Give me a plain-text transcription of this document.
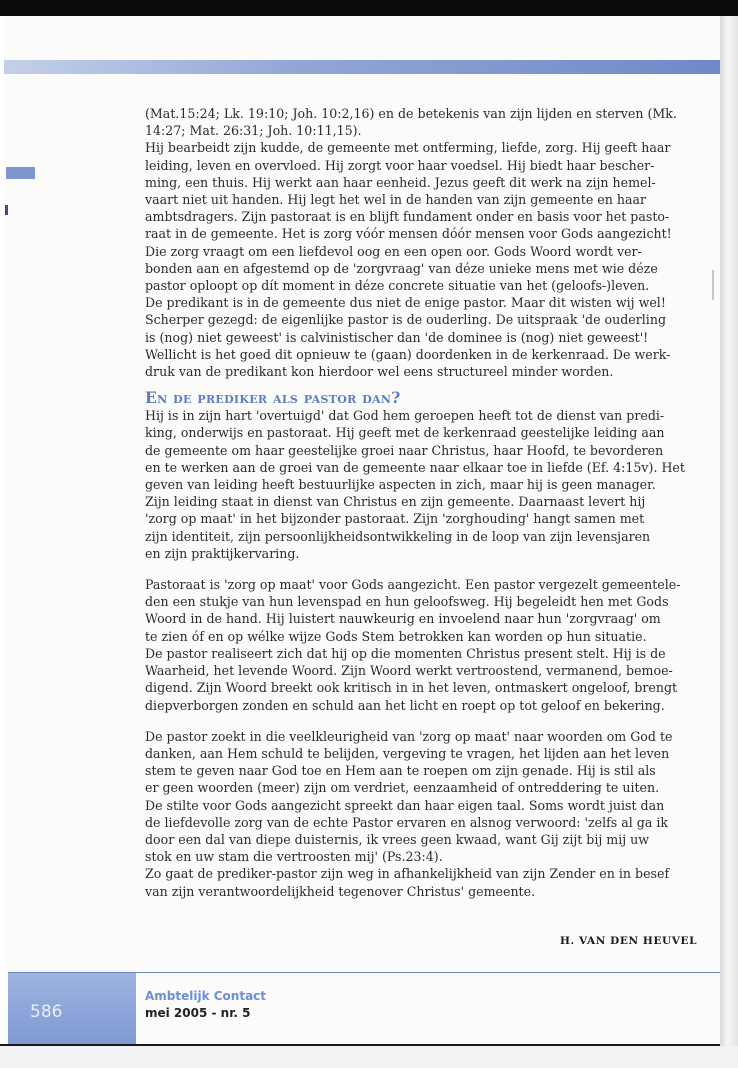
(Mat.15:24; Lk. 19:10; Joh. 10:2,16) en de betekenis van zijn lijden en sterven (Mk.

14:27; Mat. 26:31; Joh. 10:11,15).

Hij bearbeidt zijn kudde, de gemeente met ontferming, liefde, zorg. Hij geeft haar

leiding, leven en overvloed. Hij zorgt voor haar voedsel. Hij biedt haar bescher-

ming, een thuis. Hij werkt aan haar eenheid. Jezus geeft dit werk na zijn hemel-

vaart niet uit handen. Hij legt het wel in de handen van zijn gemeente en haar

ambtsdragers. Zijn pastoraat is en blijft fundament onder en basis voor het pasto-

raat in de gemeente. Het is zorg vóór mensen dóór mensen voor Gods aangezicht!

Die zorg vraagt om een liefdevol oog en een open oor. Gods Woord wordt ver-

bonden aan en afgestemd op de 'zorgvraag' van déze unieke mens met wie déze

pastor oploopt op dít moment in déze concrete situatie van het (geloofs-)leven.

De predikant is in de gemeente dus niet de enige pastor. Maar dit wisten wij wel!

Scherper gezegd: de eigenlijke pastor is de ouderling. De uitspraak 'de ouderling

is (nog) niet geweest' is calvinistischer dan 'de dominee is (nog) niet geweest'!

Wellicht is het goed dit opnieuw te (gaan) doordenken in de kerkenraad. De werk-

druk van de predikant kon hierdoor wel eens structureel minder worden.

En de prediker als pastor dan?

Hij is in zijn hart 'overtuigd' dat God hem geroepen heeft tot de dienst van predi-

king, onderwijs en pastoraat. Hij geeft met de kerkenraad geestelijke leiding aan

de gemeente om haar geestelijke groei naar Christus, haar Hoofd, te bevorderen

en te werken aan de groei van de gemeente naar elkaar toe in liefde (Ef. 4:15v). Het

geven van leiding heeft bestuurlijke aspecten in zich, maar hij is geen manager.

Zijn leiding staat in dienst van Christus en zijn gemeente. Daarnaast levert hij

'zorg op maat' in het bijzonder pastoraat. Zijn 'zorghouding' hangt samen met

zijn identiteit, zijn persoonlijkheidsontwikkeling in de loop van zijn levensjaren

en zijn praktijkervaring.

Pastoraat is 'zorg op maat' voor Gods aangezicht. Een pastor vergezelt gemeentele-

den een stukje van hun levenspad en hun geloofsweg. Hij begeleidt hen met Gods

Woord in de hand. Hij luistert nauwkeurig en invoelend naar hun 'zorgvraag' om

te zien óf en op wélke wijze Gods Stem betrokken kan worden op hun situatie.

De pastor realiseert zich dat hij op die momenten Christus present stelt. Hij is de

Waarheid, het levende Woord. Zijn Woord werkt vertroostend, vermanend, bemoe-

digend. Zijn Woord breekt ook kritisch in in het leven, ontmaskert ongeloof, brengt

diepverborgen zonden en schuld aan het licht en roept op tot geloof en bekering.

De pastor zoekt in die veelkleurigheid van 'zorg op maat' naar woorden om God te

danken, aan Hem schuld te belijden, vergeving te vragen, het lijden aan het leven

stem te geven naar God toe en Hem aan te roepen om zijn genade. Hij is stil als

er geen woorden (meer) zijn om verdriet, eenzaamheid of ontreddering te uiten.

De stilte voor Gods aangezicht spreekt dan haar eigen taal. Soms wordt juist dan

de liefdevolle zorg van de echte Pastor ervaren en alsnog verwoord: 'zelfs al ga ik

door een dal van diepe duisternis, ik vrees geen kwaad, want Gij zijt bij mij uw

stok en uw stam die vertroosten mij' (Ps.23:4).

Zo gaat de prediker-pastor zijn weg in afhankelijkheid van zijn Zender en in besef

van zijn verantwoordelijkheid tegenover Christus' gemeente.

H. VAN DEN HEUVEL
586
Ambtelijk Contact
mei 2005 - nr. 5
